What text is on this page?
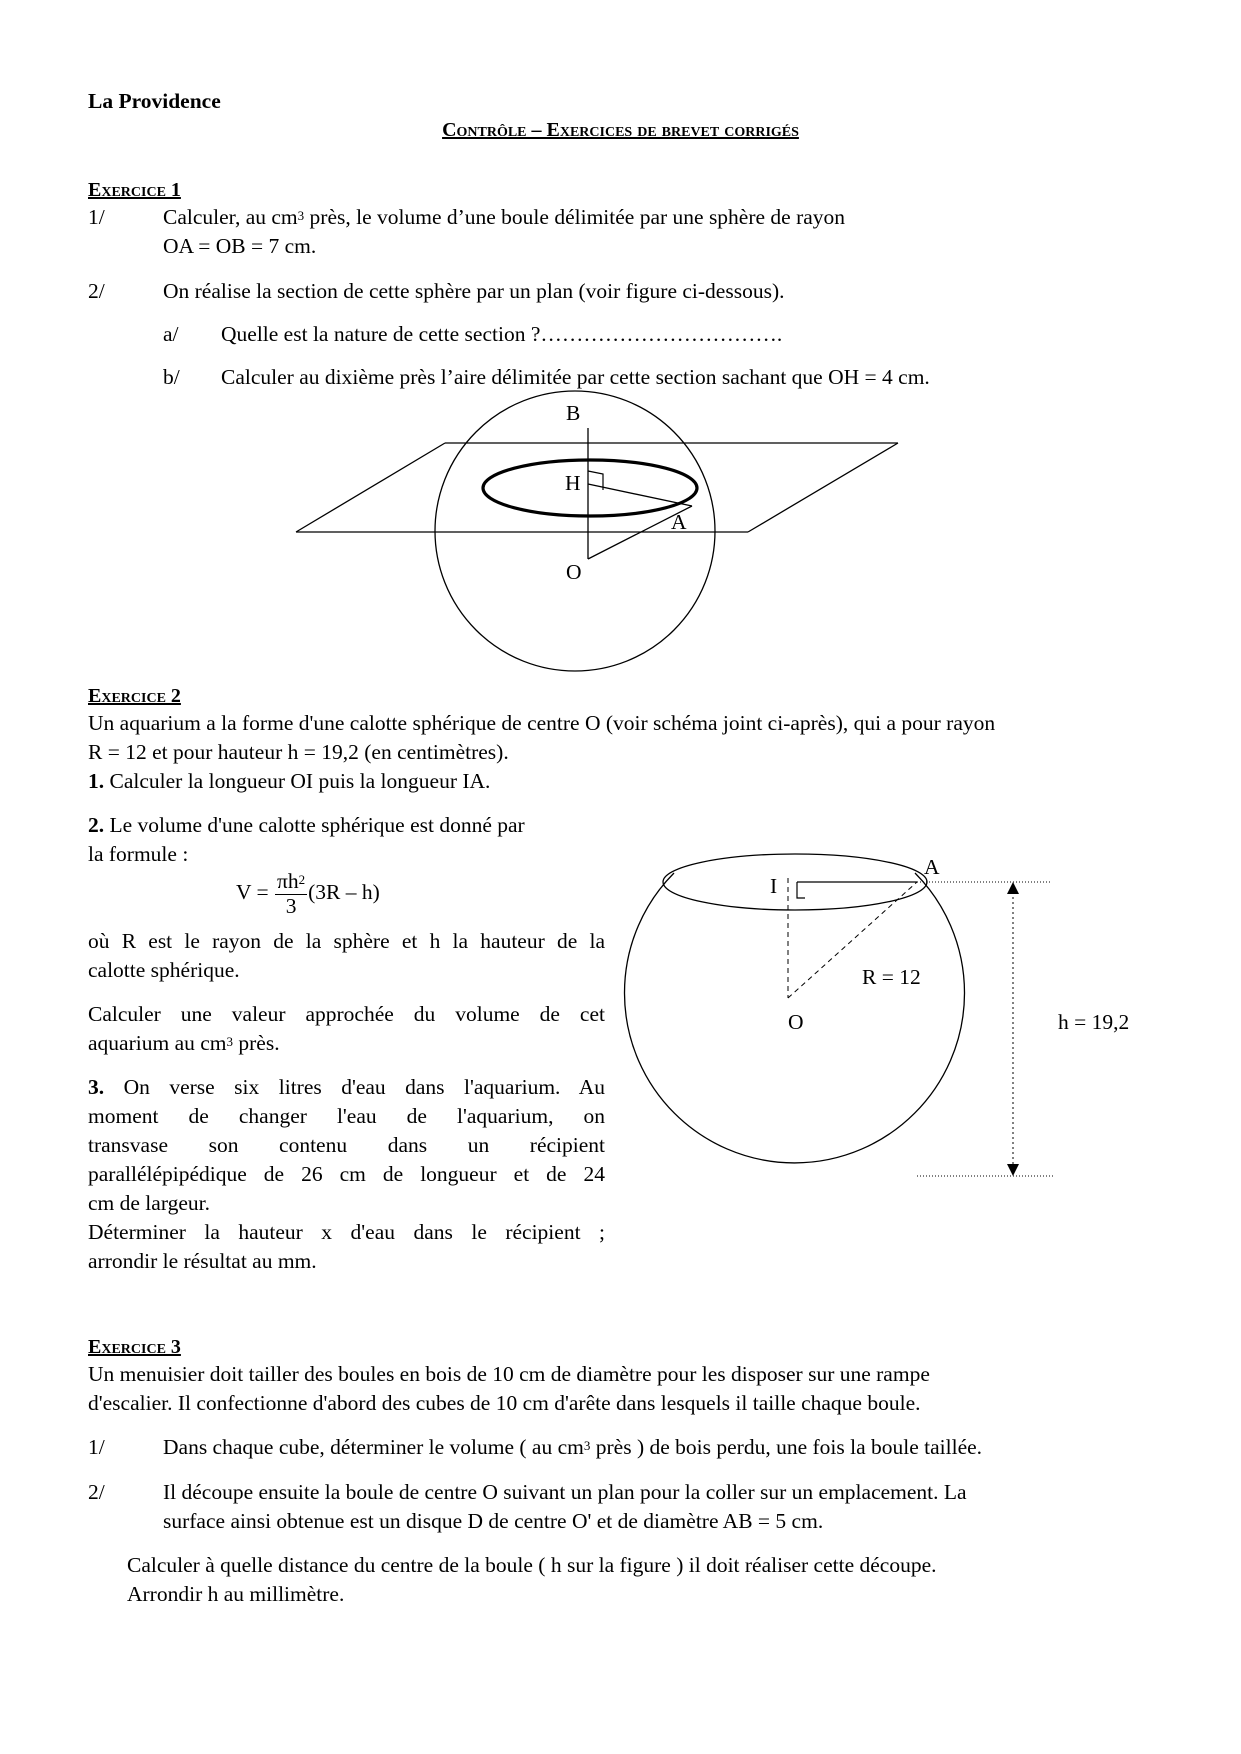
La Providence
Contrôle – Exercices de brevet corrigés
Exercice 1
1/	Calculer, au $cm^3$ près, le volume d’une boule délimitée par une sphère de rayon
OA = OB = 7 cm.
2/	On réalise la section de cette sphère par un plan (voir figure ci-dessous).
a/ Quelle est la nature de cette section ?…………………………….
b/ Calculer au dixième près l’aire délimitée par cette section sachant que OH = 4 cm.
B
H
A
O
Exercice 2
Un aquarium a la forme d'une calotte sphérique de centre O (voir schéma joint ci-après), qui a pour rayon
R = 12 et pour hauteur h = 19,2 (en centimètres).
1. Calculer la longueur OI puis la longueur IA.
2. Le volume d'une calotte sphérique est donné par
la formule :
$V = \frac{\pi h^2}{3} (3R - h)$
où R est le rayon de la sphère et h la hauteur de la
calotte sphérique.
Calculer une valeur approchée du volume de cet
aquarium au $cm^3$ près.
3. On verse six litres d'eau dans l'aquarium. Au
moment de changer l'eau de l'aquarium, on
transvase son contenu dans un récipient
parallélépipédique de 26 cm de longueur et de 24
cm de largeur.
Déterminer la hauteur x d'eau dans le récipient ;
arrondir le résultat au mm.
I
A
R = 12
O	h = 19,2
Exercice 3
Un menuisier doit tailler des boules en bois de 10 cm de diamètre pour les disposer sur une rampe
d'escalier. Il confectionne d'abord des cubes de 10 cm d'arête dans lesquels il taille chaque boule.
1/	Dans chaque cube, déterminer le volume ( au $cm^3$ près ) de bois perdu, une fois la boule taillée.
2/	Il découpe ensuite la boule de centre O suivant un plan pour la coller sur un emplacement. La
surface ainsi obtenue est un disque D de centre O' et de diamètre AB = 5 cm.
Calculer à quelle distance du centre de la boule ( h sur la figure ) il doit réaliser cette découpe.
Arrondir h au millimètre.
